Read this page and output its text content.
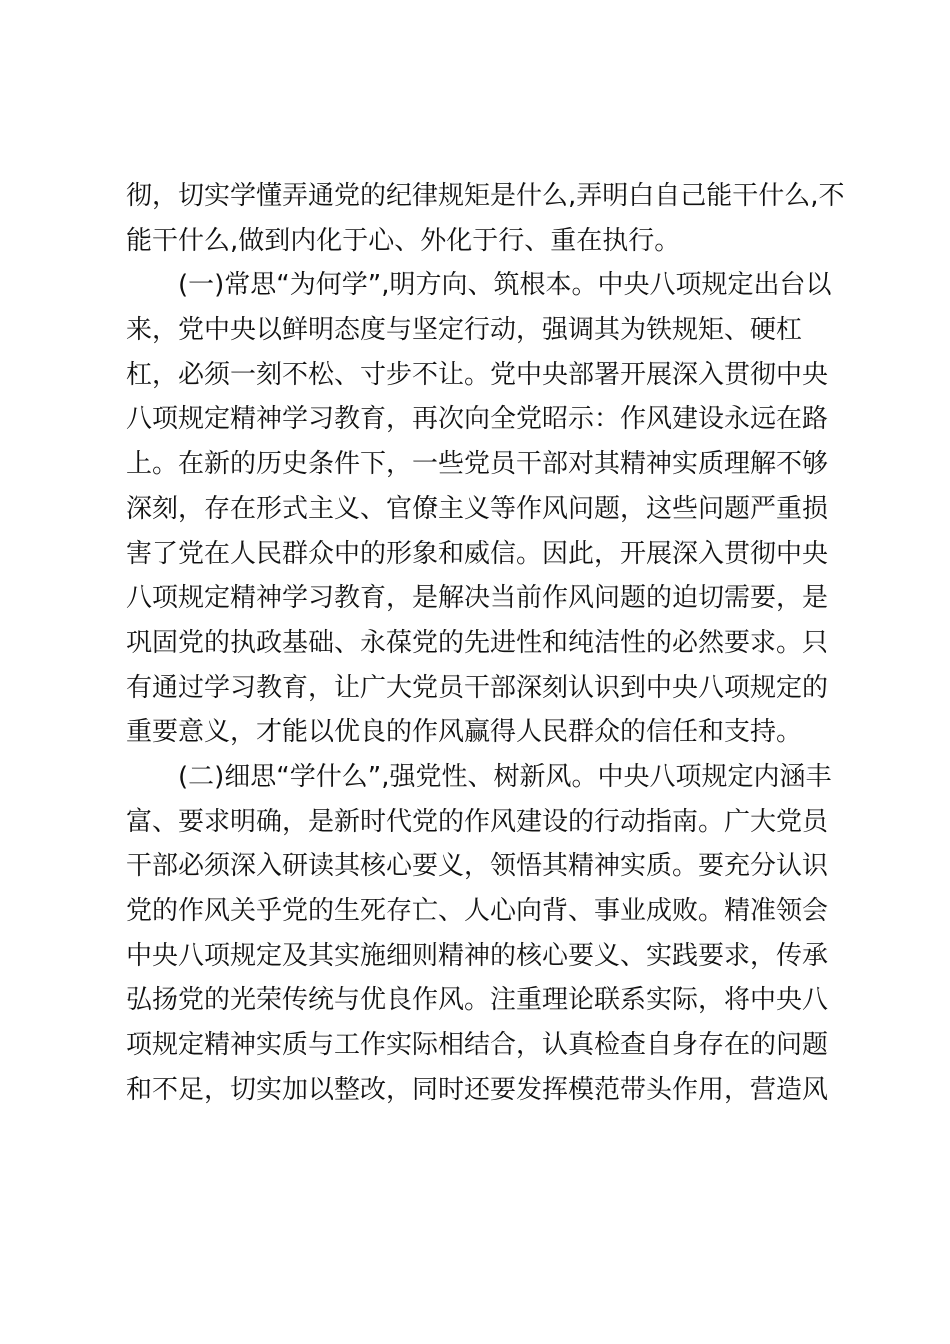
彻，切实学懂弄通党的纪律规矩是什么,弄明白自己能干什么,不
能干什么,做到内化于心、外化于行、重在执行。
(一)常思“为何学”,明方向、筑根本。中央八项规定出台以
来，党中央以鲜明态度与坚定行动，强调其为铁规矩、硬杠
杠，必须一刻不松、寸步不让。党中央部署开展深入贯彻中央
八项规定精神学习教育，再次向全党昭示：作风建设永远在路
上。在新的历史条件下，一些党员干部对其精神实质理解不够
深刻，存在形式主义、官僚主义等作风问题，这些问题严重损
害了党在人民群众中的形象和威信。因此，开展深入贯彻中央
八项规定精神学习教育，是解决当前作风问题的迫切需要，是
巩固党的执政基础、永葆党的先进性和纯洁性的必然要求。只
有通过学习教育，让广大党员干部深刻认识到中央八项规定的
重要意义，才能以优良的作风赢得人民群众的信任和支持。
(二)细思“学什么”,强党性、树新风。中央八项规定内涵丰
富、要求明确，是新时代党的作风建设的行动指南。广大党员
干部必须深入研读其核心要义，领悟其精神实质。要充分认识
党的作风关乎党的生死存亡、人心向背、事业成败。精准领会
中央八项规定及其实施细则精神的核心要义、实践要求，传承
弘扬党的光荣传统与优良作风。注重理论联系实际，将中央八
项规定精神实质与工作实际相结合，认真检查自身存在的问题
和不足，切实加以整改，同时还要发挥模范带头作用，营造风
